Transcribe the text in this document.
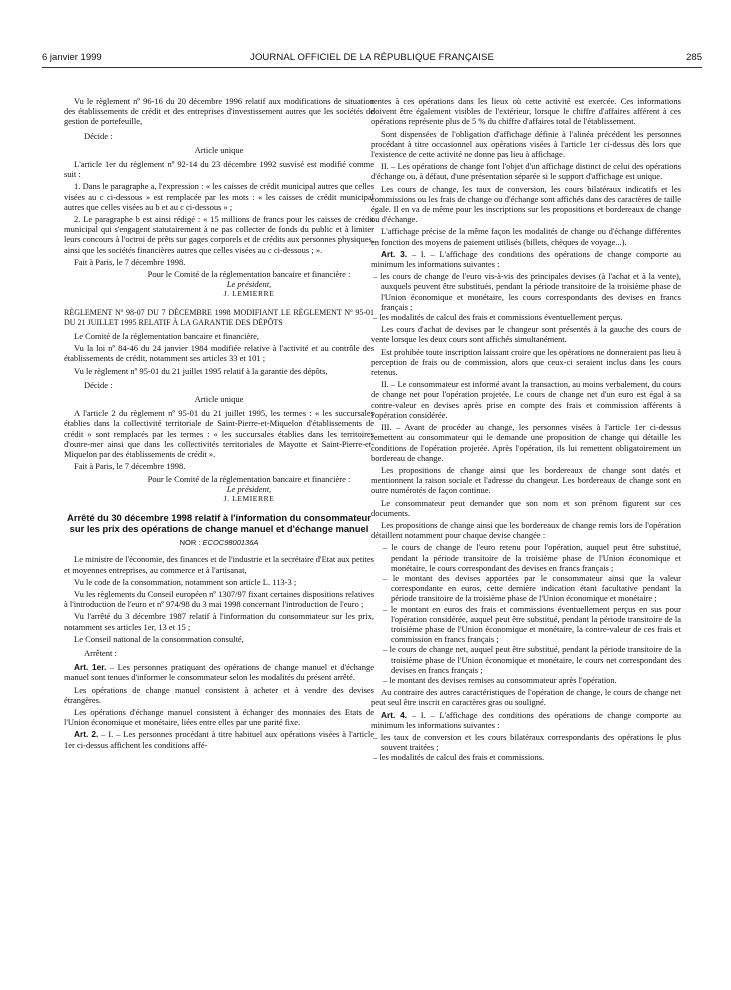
6 janvier 1999	JOURNAL OFFICIEL DE LA RÉPUBLIQUE FRANÇAISE	285

Vu le règlement nº 96-16 du 20 décembre 1996 relatif aux modifications de situation des établissements de crédit et des entreprises d'investissement autres que les sociétés de gestion de portefeuille,

Décide :

Article unique

L'article 1er du règlement nº 92-14 du 23 décembre 1992 susvisé est modifié comme suit :

1. Dans le paragraphe a, l'expression : « les caisses de crédit municipal autres que celles visées au c ci-dessous » est remplacée par les mots : « les caisses de crédit municipal autres que celles visées au b et au c ci-dessous » ;

2. Le paragraphe b est ainsi rédigé : « 15 millions de francs pour les caisses de crédit municipal qui s'engagent statutairement à ne pas collecter de fonds du public et à limiter leurs concours à l'octroi de prêts sur gages corporels et de crédits aux personnes physiques, ainsi que les sociétés financières autres que celles visées au c ci-dessous ; ».

Fait à Paris, le 7 décembre 1998.

Pour le Comité de la réglementation bancaire et financière :

Le président,

J. LEMIERRE

RÈGLEMENT Nº 98-07 DU 7 DÉCEMBRE 1998 MODIFIANT LE RÈGLEMENT Nº 95-01 DU 21 JUILLET 1995 RELATIF À LA GARANTIE DES DÉPÔTS

Le Comité de la réglementation bancaire et financière,

Vu la loi nº 84-46 du 24 janvier 1984 modifiée relative à l'activité et au contrôle des établissements de crédit, notamment ses articles 33 et 101 ;

Vu le règlement nº 95-01 du 21 juillet 1995 relatif à la garantie des dépôts,

Décide :

Article unique

A l'article 2 du règlement nº 95-01 du 21 juillet 1995, les termes : « les succursales établies dans la collectivité territoriale de Saint-Pierre-et-Miquelon d'établissements de crédit » sont remplacés par les termes : « les succursales établies dans les territoires d'outre-mer ainsi que dans les collectivités territoriales de Mayotte et Saint-Pierre-et-Miquelon par des établissements de crédit ».

Fait à Paris, le 7 décembre 1998.

Pour le Comité de la réglementation bancaire et financière :

Le président,

J. LEMIERRE

Arrêté du 30 décembre 1998 relatif à l'information du consommateur sur les prix des opérations de change manuel et d'échange manuel

NOR : ECOC9800136A

Le ministre de l'économie, des finances et de l'industrie et la secrétaire d'Etat aux petites et moyennes entreprises, au commerce et à l'artisanat,

Vu le code de la consommation, notamment son article L. 113-3 ;

Vu les règlements du Conseil européen nº 1307/97 fixant certaines dispositions relatives à l'introduction de l'euro et nº 974/98 du 3 mai 1998 concernant l'introduction de l'euro ;

Vu l'arrêté du 3 décembre 1987 relatif à l'information du consommateur sur les prix, notamment ses articles 1er, 13 et 15 ;

Le Conseil national de la consommation consulté,

Arrêtent :

Art. 1er. – Les personnes pratiquant des opérations de change manuel et d'échange manuel sont tenues d'informer le consommateur selon les modalités du présent arrêté.

Les opérations de change manuel consistent à acheter et à vendre des devises étrangères.

Les opérations d'échange manuel consistent à échanger des monnaies des Etats de l'Union économique et monétaire, liées entre elles par une parité fixe.

Art. 2. – I. – Les personnes procédant à titre habituel aux opérations visées à l'article 1er ci-dessus affichent les conditions affé-

rentes à ces opérations dans les lieux où cette activité est exercée. Ces informations doivent être également visibles de l'extérieur, lorsque le chiffre d'affaires afférent à ces opérations représente plus de 5 % du chiffre d'affaires total de l'établissement.

Sont dispensées de l'obligation d'affichage définie à l'alinéa précédent les personnes procédant à titre occasionnel aux opérations visées à l'article 1er ci-dessus dès lors que l'existence de cette activité ne donne pas lieu à affichage.

II. – Les opérations de change font l'objet d'un affichage distinct de celui des opérations d'échange ou, à défaut, d'une présentation séparée si le support d'affichage est unique.

Les cours de change, les taux de conversion, les cours bilatéraux indicatifs et les commissions ou les frais de change ou d'échange sont affichés dans des caractères de taille égale. Il en va de même pour les inscriptions sur les propositions et bordereaux de change ou d'échange.

L'affichage précise de la même façon les modalités de change ou d'échange différentes en fonction des moyens de paiement utilisés (billets, chèques de voyage...).

Art. 3. – I. – L'affichage des conditions des opérations de change comporte au minimum les informations suivantes :

– les cours de change de l'euro vis-à-vis des principales devises (à l'achat et à la vente), auxquels peuvent être substitués, pendant la période transitoire de la troisième phase de l'Union économique et monétaire, les cours correspondants des devises en francs français ;
– les modalités de calcul des frais et commissions éventuellement perçus.

Les cours d'achat de devises par le changeur sont présentés à la gauche des cours de vente lorsque les deux cours sont affichés simultanément.

Est prohibée toute inscription laissant croire que les opérations ne donneraient pas lieu à perception de frais ou de commission, alors que ceux-ci seraient inclus dans les cours retenus.

II. – Le consommateur est informé avant la transaction, au moins verbalement, du cours de change net pour l'opération projetée. Le cours de change net d'un euro est égal à sa contre-valeur en devises après prise en compte des frais et commission afférents à l'opération considérée.

III. – Avant de procéder au change, les personnes visées à l'article 1er ci-dessus remettent au consommateur qui le demande une proposition de change qui détaille les conditions de l'opération projetée. Après l'opération, ils lui remettent obligatoirement un bordereau de change.

Les propositions de change ainsi que les bordereaux de change sont datés et mentionnent la raison sociale et l'adresse du changeur. Les bordereaux de change sont en outre numérotés de façon continue.

Le consommateur peut demander que son nom et son prénom figurent sur ces documents.

Les propositions de change ainsi que les bordereaux de change remis lors de l'opération détaillent notamment pour chaque devise changée :

– le cours de change de l'euro retenu pour l'opération, auquel peut être substitué, pendant la période transitoire de la troisième phase de l'Union économique et monétaire, le cours correspondant des devises en francs français ;
– le montant des devises apportées par le consommateur ainsi que la valeur correspondante en euros, cette dernière indication étant facultative pendant la période transitoire de la troisième phase de l'Union économique et monétaire ;
– le montant en euros des frais et commissions éventuellement perçus en sus pour l'opération considérée, auquel peut être substitué, pendant la période transitoire de la troisième phase de l'Union économique et monétaire, la contre-valeur de ces frais et commission en francs français ;
– le cours de change net, auquel peut être substitué, pendant la période transitoire de la troisième phase de l'Union économique et monétaire, le cours net correspondant des devises en francs français ;
– le montant des devises remises au consommateur après l'opération.

Au contraire des autres caractéristiques de l'opération de change, le cours de change net peut seul être inscrit en caractères gras ou souligné.

Art. 4. – I. – L'affichage des conditions des opérations de change comporte au minimum les informations suivantes :

– les taux de conversion et les cours bilatéraux correspondants des opérations le plus souvent traitées ;
– les modalités de calcul des frais et commissions.
